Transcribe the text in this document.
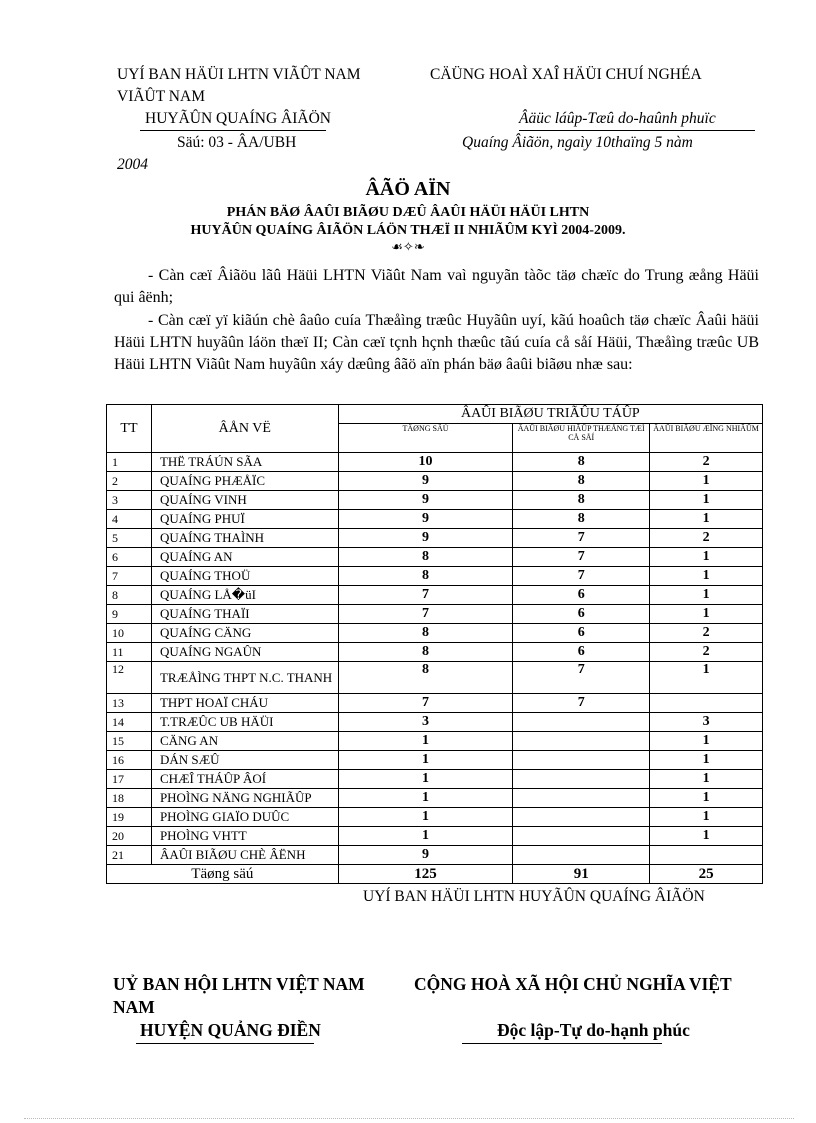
UYÍ BAN HÄÜI LHTN VIÃÛT NAM	CÄÜNG HOAÌ XAÎ HÄÜI CHUÍ NGHÉA
VIÃÛT NAM
HUYÃÛN QUAÍNG ÂIÃÖN	Âäüc láûp-Tæû do-haûnh phuïc
Säú: 03 - ÂA/UBH	Quaíng Âiãön, ngaìy 10thaïng 5 nàm
2004
ÂÃÖ AÏN
PHÁN BÄØ ÂAÛI BIÃØU DÆÛ ÂAÛI HÄÜI HÄÜI LHTN
HUYÃÛN QUAÍNG ÂIÃÖN LÁÖN THÆÏ II NHIÃÛM KYÌ 2004-2009.
☙✧❧
- Càn cæï Âiãöu lãû Häüi LHTN Viãût Nam vaì nguyãn tàõc täø chæïc do Trung æång Häüi qui âënh;
- Càn cæï yï kiãún chè âaûo cuía Thæåìng træûc Huyãûn uyí, kãú hoaûch täø chæïc Âaûi häüi Häüi LHTN huyãûn láön thæï II; Càn cæï tçnh hçnh thæûc tãú cuía cå såí Häüi, Thæåìng træûc UB Häüi LHTN Viãût Nam huyãûn xáy dæûng âãö aïn phán bäø âaûi biãøu nhæ sau:
TT	ÂÅN VË	ÂAÛI BIÃØU TRIÃÛU TÁÛP		
		TÄØNG SÄÚ	ÂAÛI BIÃØU HIÃÛP THÆÅNG TÆÌ CÅ SÅÍ	ÂAÛI BIÃØU ÆÏNG NHIÃÛM
1	THË TRÁÚN SÃA	10	8	2
2	QUAÍNG PHÆÅÏC	9	8	1
3	QUAÍNG VINH	9	8	1
4	QUAÍNG PHUÏ	9	8	1
5	QUAÍNG THAÌNH	9	7	2
6	QUAÍNG AN	8	7	1
7	QUAÍNG THOÜ	8	7	1
8	QUAÍNG LÅ�üI	7	6	1
9	QUAÍNG THAÏI	7	6	1
10	QUAÍNG CÄNG	8	6	2
11	QUAÍNG NGAÛN	8	6	2
12	TRÆÅÌNG THPT N.C. THANH	8	7	1
13	THPT HOAÏ CHÁU	7	7	
14	T.TRÆÛC UB HÄÜI	3		3
15	CÄNG AN	1		1
16	DÁN SÆÛ	1		1
17	CHÆÎ THÁÛP ÂOÍ	1		1
18	PHOÌNG NÄNG NGHIÃÛP	1		1
19	PHOÌNG GIAÏO DUÛC	1		1
20	PHOÌNG VHTT	1		1
21	ÂAÛI BIÃØU CHÈ ÂËNH	9		
Täøng säú		125	91	25
UYÍ BAN HÄÜI LHTN HUYÃÛN QUAÍNG ÂIÃÖN
UỶ BAN HỘI LHTN VIỆT NAM	CỘNG HOÀ XÃ HỘI CHỦ NGHĨA VIỆT
NAM
HUYỆN QUẢNG ĐIỀN	Độc lập-Tự do-hạnh phúc
